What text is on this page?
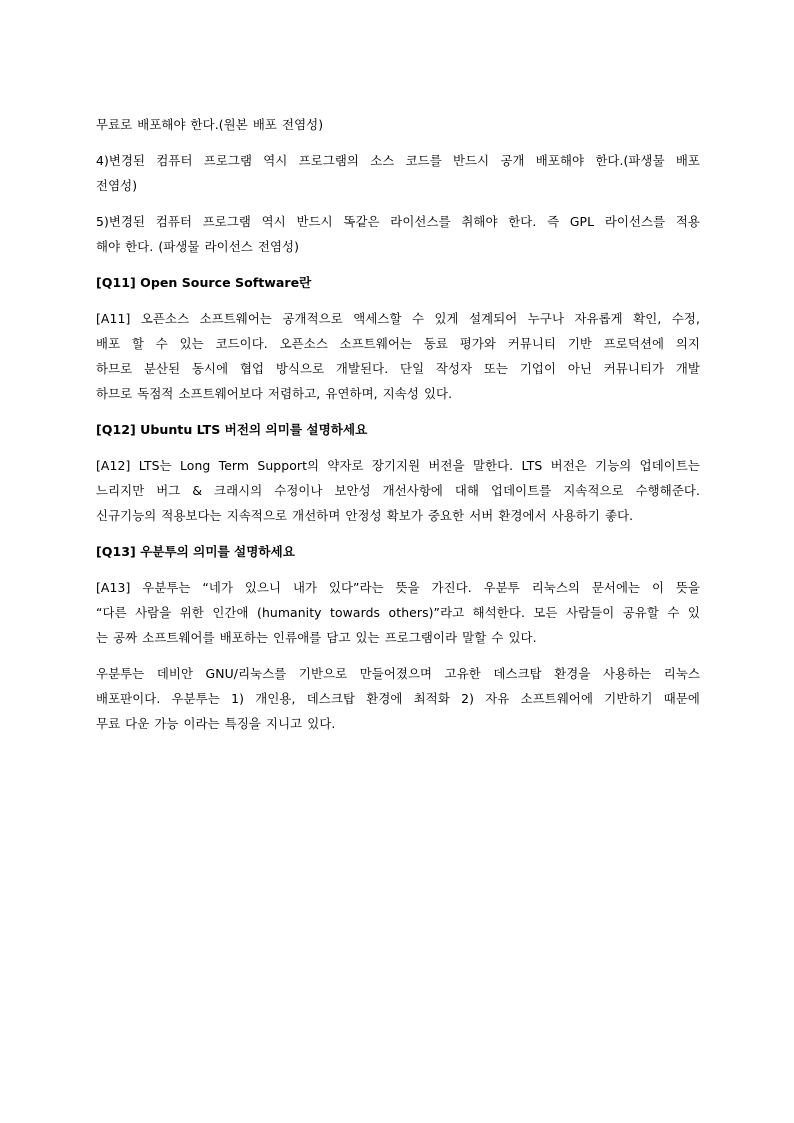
무료로 배포해야 한다.(원본 배포 전염성)

4)변경된 컴퓨터 프로그램 역시 프로그램의 소스 코드를 반드시 공개 배포해야 한다.(파생물 배포
전염성)

5)변경된 컴퓨터 프로그램 역시 반드시 똑같은 라이선스를 취해야 한다. 즉 GPL 라이선스를 적용
해야 한다. (파생물 라이선스 전염성)

[Q11] Open Source Software란

[A11] 오픈소스 소프트웨어는 공개적으로 액세스할 수 있게 설계되어 누구나 자유롭게 확인, 수정,
배포 할 수 있는 코드이다. 오픈소스 소프트웨어는 동료 평가와 커뮤니티 기반 프로덕션에 의지
하므로 분산된 동시에 협업 방식으로 개발된다. 단일 작성자 또는 기업이 아닌 커뮤니티가 개발
하므로 독점적 소프트웨어보다 저렴하고, 유연하며, 지속성 있다.

[Q12] Ubuntu LTS 버전의 의미를 설명하세요

[A12] LTS는 Long Term Support의 약자로 장기지원 버전을 말한다. LTS 버전은 기능의 업데이트는
느리지만 버그 & 크래시의 수정이나 보안성 개선사항에 대해 업데이트를 지속적으로 수행해준다.
신규기능의 적용보다는 지속적으로 개선하며 안정성 확보가 중요한 서버 환경에서 사용하기 좋다.

[Q13] 우분투의 의미를 설명하세요

[A13] 우분투는 “네가 있으니 내가 있다”라는 뜻을 가진다. 우분투 리눅스의 문서에는 이 뜻을
“다른 사람을 위한 인간애 (humanity towards others)”라고 해석한다. 모든 사람들이 공유할 수 있
는 공짜 소프트웨어를 배포하는 인류애를 담고 있는 프로그램이라 말할 수 있다.

우분투는 데비안 GNU/리눅스를 기반으로 만들어졌으며 고유한 데스크탑 환경을 사용하는 리눅스
배포판이다. 우분투는 1) 개인용, 데스크탑 환경에 최적화 2) 자유 소프트웨어에 기반하기 때문에
무료 다운 가능 이라는 특징을 지니고 있다.
